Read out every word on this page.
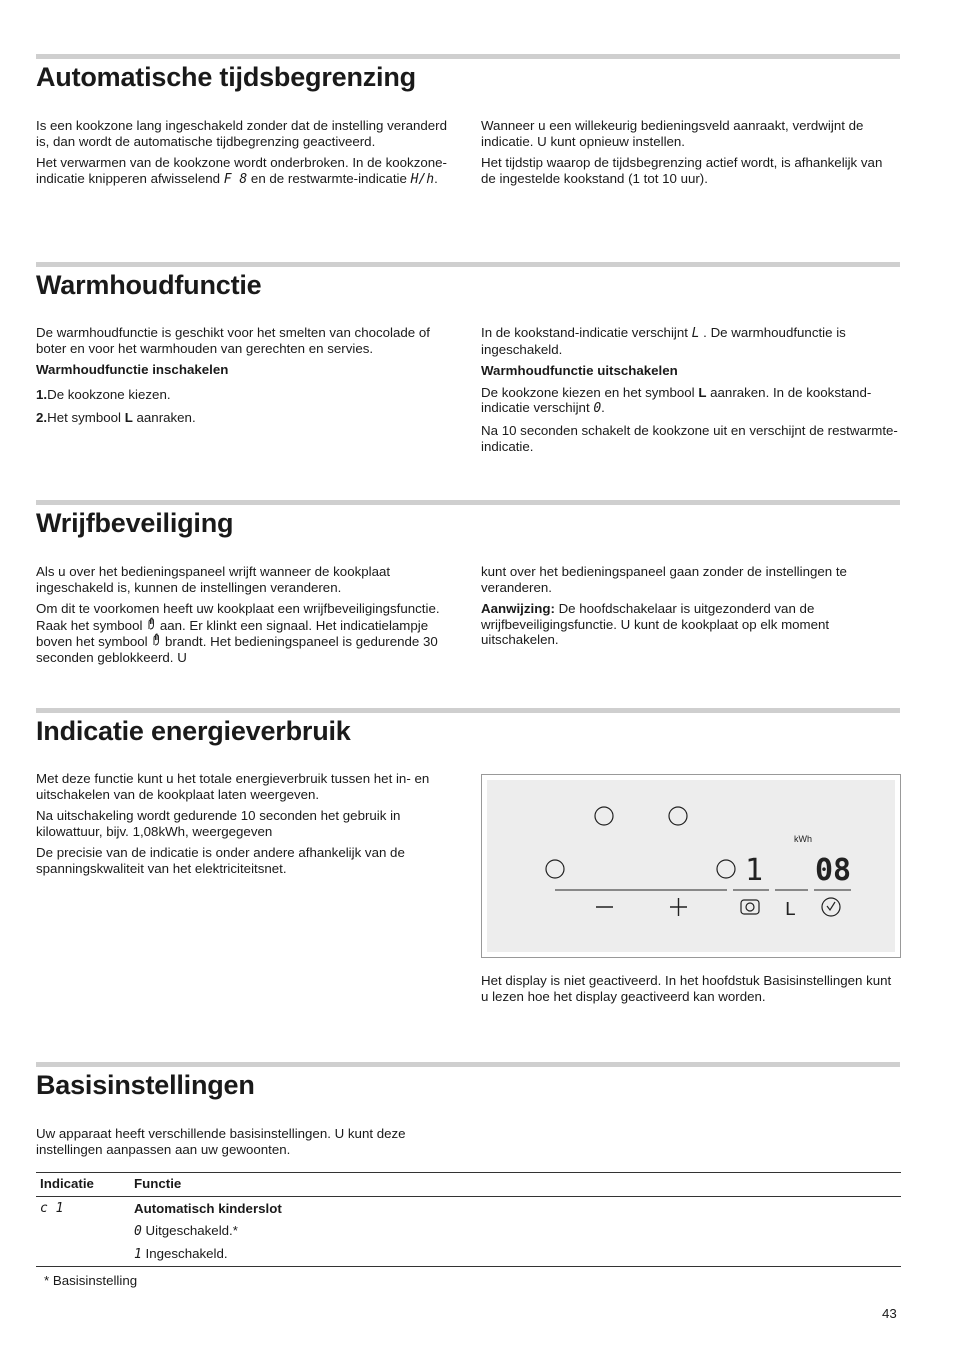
Automatische tijdsbegrenzing

Is een kookzone lang ingeschakeld zonder dat de instelling veranderd is, dan wordt de automatische tijdbegrenzing geactiveerd.

Het verwarmen van de kookzone wordt onderbroken. In de kookzone-indicatie knipperen afwisselend F 8 en de restwarmte-indicatie H/h.

Wanneer u een willekeurig bedieningsveld aanraakt, verdwijnt de indicatie. U kunt opnieuw instellen.

Het tijdstip waarop de tijdsbegrenzing actief wordt, is afhankelijk van de ingestelde kookstand (1 tot 10 uur).

Warmhoudfunctie

De warmhoudfunctie is geschikt voor het smelten van chocolade of boter en voor het warmhouden van gerechten en servies.

Warmhoudfunctie inschakelen
1.De kookzone kiezen.
2.Het symbool L aanraken.

In de kookstand-indicatie verschijnt L . De warmhoudfunctie is ingeschakeld.

Warmhoudfunctie uitschakelen

De kookzone kiezen en het symbool L aanraken. In de kookstand-indicatie verschijnt 0.

Na 10 seconden schakelt de kookzone uit en verschijnt de restwarmte-indicatie.

Wrijfbeveiliging

Als u over het bedieningspaneel wrijft wanneer de kookplaat ingeschakeld is, kunnen de instellingen veranderen.

Om dit te voorkomen heeft uw kookplaat een wrijfbeveiligingsfunctie. Raak het symbool  aan. Er klinkt een signaal. Het indicatielampje boven het symbool  brandt. Het bedieningspaneel is gedurende 30 seconden geblokkeerd. U

kunt over het bedieningspaneel gaan zonder de instellingen te veranderen.

Aanwijzing: De hoofdschakelaar is uitgezonderd van de wrijfbeveiligingsfunctie. U kunt de kookplaat op elk moment uitschakelen.

Indicatie energieverbruik

Met deze functie kunt u het totale energieverbruik tussen het in- en uitschakelen van de kookplaat laten weergeven.

Na uitschakeling wordt gedurende 10 seconden het gebruik in kilowattuur, bijv. 1,08kWh, weergegeven

De precisie van de indicatie is onder andere afhankelijk van de spanningskwaliteit van het elektriciteitsnet.

kWh
1 08
L

Het display is niet geactiveerd. In het hoofdstuk Basisinstellingen kunt u lezen hoe het display geactiveerd kan worden.

Basisinstellingen

Uw apparaat heeft verschillende basisinstellingen. U kunt deze instellingen aanpassen aan uw gewoonten.

Indicatie	Functie
c 1	Automatisch kinderslot
	0 Uitgeschakeld.*
	1 Ingeschakeld.
* Basisinstelling
43
